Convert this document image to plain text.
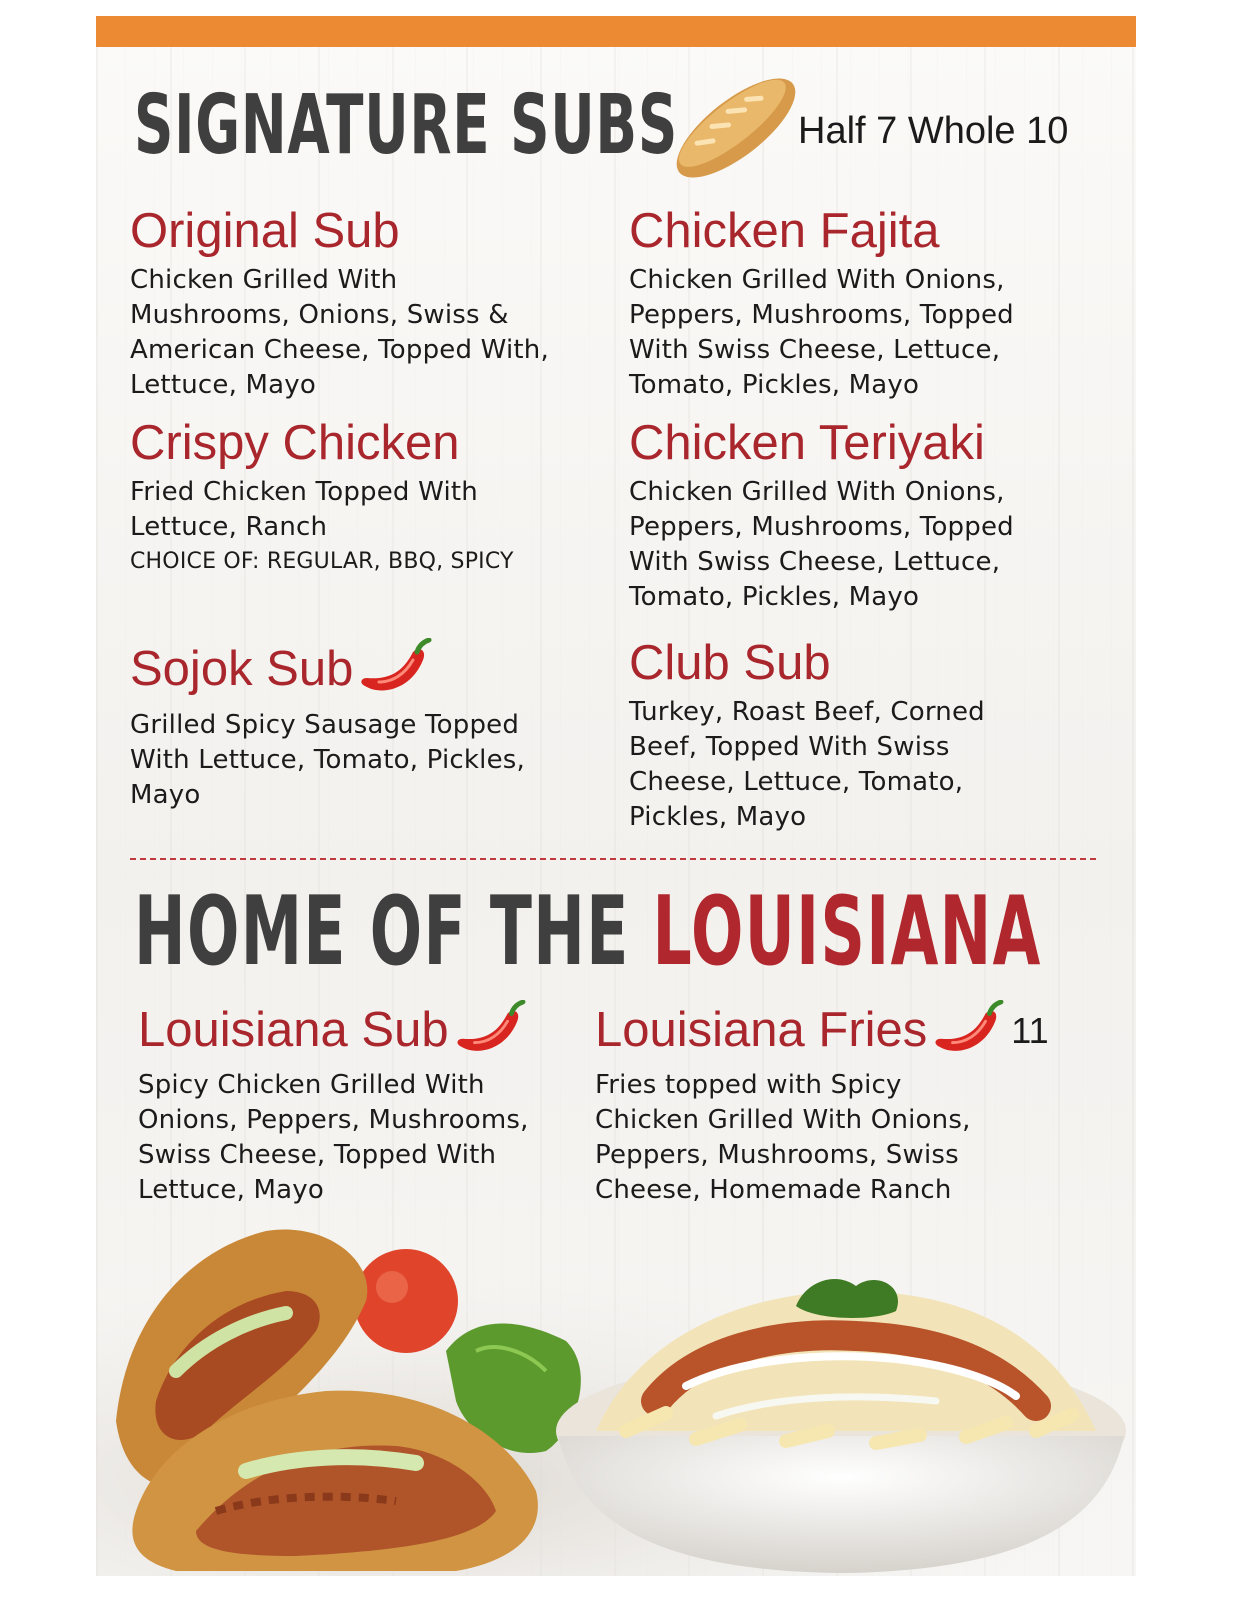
SIGNATURE SUBS	Half 7 Whole 10
Original Sub

Chicken Grilled With Mushrooms, Onions, Swiss & American Cheese, Topped With, Lettuce, Mayo

Crispy Chicken

Fried Chicken Topped With Lettuce, Ranch

CHOICE OF: REGULAR, BBQ, SPICY

Sojok Sub

Grilled Spicy Sausage Topped With Lettuce, Tomato, Pickles, Mayo

Chicken Fajita

Chicken Grilled With Onions, Peppers, Mushrooms, Topped With Swiss Cheese, Lettuce, Tomato, Pickles, Mayo

Chicken Teriyaki

Chicken Grilled With Onions, Peppers, Mushrooms, Topped With Swiss Cheese, Lettuce, Tomato, Pickles, Mayo

Club Sub

Turkey, Roast Beef, Corned Beef, Topped With Swiss Cheese, Lettuce, Tomato, Pickles, Mayo

HOME OF THE LOUISIANA
Louisiana Sub

Spicy Chicken Grilled With Onions, Peppers, Mushrooms, Swiss Cheese, Topped With Lettuce, Mayo

Louisiana Fries 11

Fries topped with Spicy Chicken Grilled With Onions, Peppers, Mushrooms, Swiss Cheese, Homemade Ranch
